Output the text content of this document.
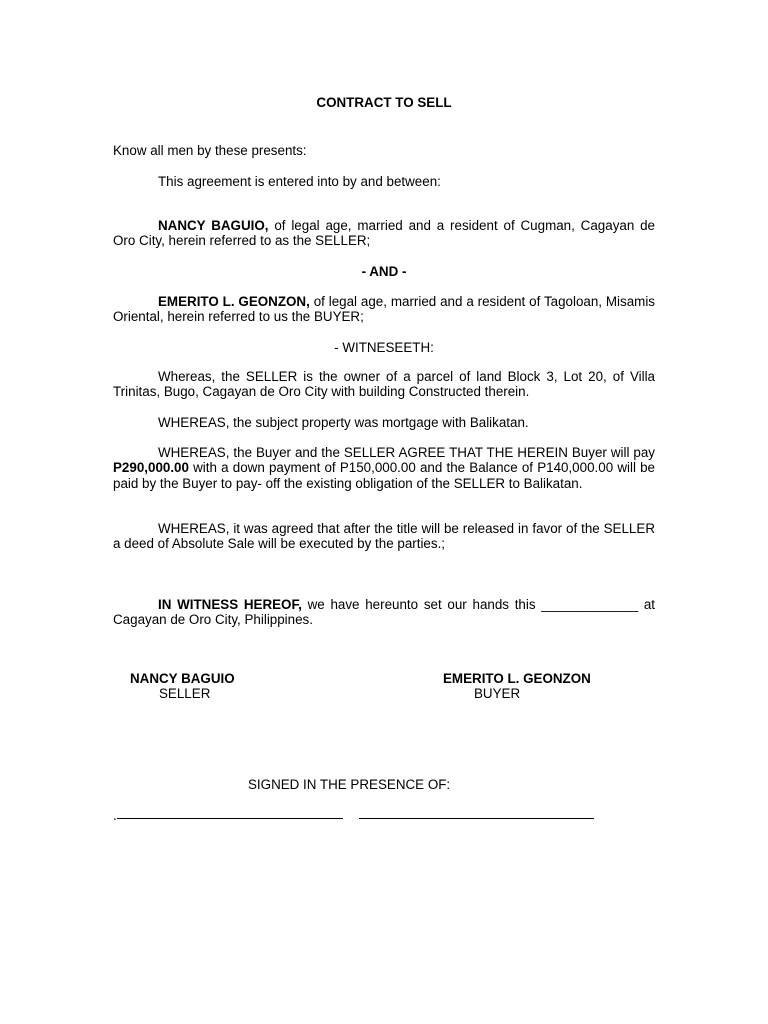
CONTRACT TO SELL

Know all men by these presents:

This agreement is entered into by and between:

NANCY BAGUIO, of legal age, married and a resident of Cugman, Cagayan de Oro City, herein referred to as the SELLER;

- AND -

EMERITO L. GEONZON, of legal age, married and a resident of Tagoloan, Misamis Oriental, herein referred to us the BUYER;

- WITNESEETH:

Whereas, the SELLER is the owner of a parcel of land Block 3, Lot 20, of Villa Trinitas, Bugo, Cagayan de Oro City with building Constructed therein.

WHEREAS, the subject property was mortgage with Balikatan.

WHEREAS, the Buyer and the SELLER AGREE THAT THE HEREIN Buyer will pay P290,000.00 with a down payment of P150,000.00 and the Balance of P140,000.00 will be paid by the Buyer to pay- off the existing obligation of the SELLER to Balikatan.

WHEREAS, it was agreed that after the title will be released in favor of the SELLER a deed of Absolute Sale will be executed by the parties.;

IN WITNESS HEREOF, we have hereunto set our hands this _____________ at Cagayan de Oro City, Philippines.

NANCY BAGUIO
SELLER
EMERITO L. GEONZON
BUYER
SIGNED IN THE PRESENCE OF:
.
